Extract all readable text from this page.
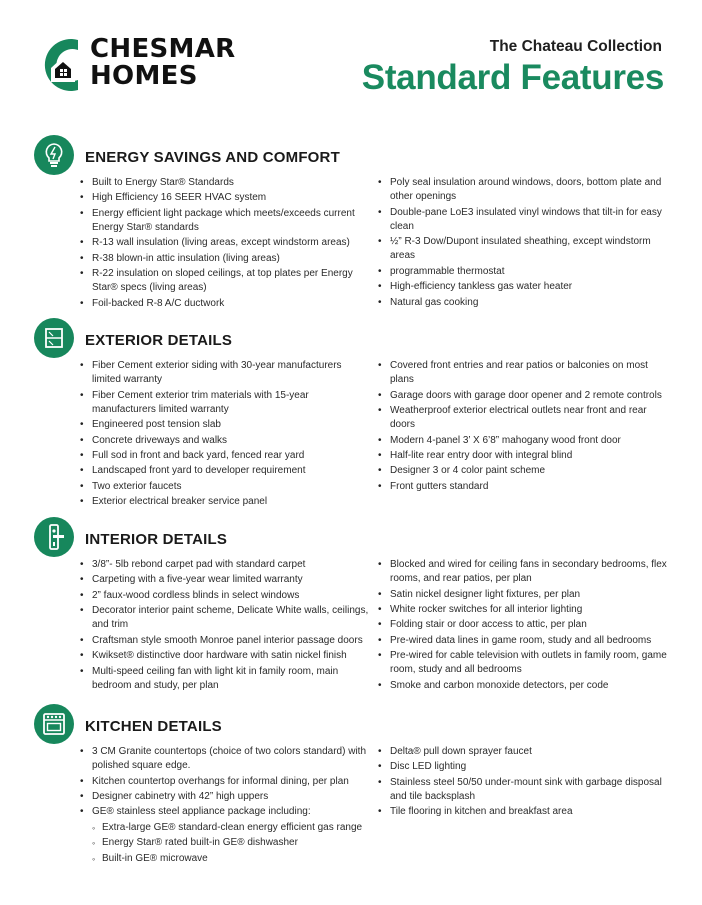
CHESMAR
HOMES
The Chateau Collection
Standard Features
ENERGY SAVINGS AND COMFORT
• Built to Energy Star® Standards
• High Efficiency 16 SEER HVAC system
• Energy efficient light package which meets/exceeds current Energy Star® standards
• R-13 wall insulation (living areas, except windstorm areas)
• R-38 blown-in attic insulation (living areas)
• R-22 insulation on sloped ceilings, at top plates per Energy Star® specs (living areas)
• Foil-backed R-8 A/C ductwork
• Poly seal insulation around windows, doors, bottom plate and other openings
• Double-pane LoE3 insulated vinyl windows that tilt-in for easy clean
• ½” R-3 Dow/Dupont insulated sheathing, except windstorm areas
• programmable thermostat
• High-efficiency tankless gas water heater
• Natural gas cooking
EXTERIOR DETAILS
• Fiber Cement exterior siding with 30-year manufacturers limited warranty
• Fiber Cement exterior trim materials with 15-year manufacturers limited warranty
• Engineered post tension slab
• Concrete driveways and walks
• Full sod in front and back yard, fenced rear yard
• Landscaped front yard to developer requirement
• Two exterior faucets
• Exterior electrical breaker service panel
• Covered front entries and rear patios or balconies on most plans
• Garage doors with garage door opener and 2 remote controls
• Weatherproof exterior electrical outlets near front and rear doors
• Modern 4-panel 3’ X 6’8” mahogany wood front door
• Half-lite rear entry door with integral blind
• Designer 3 or 4 color paint scheme
• Front gutters standard
INTERIOR DETAILS
• 3/8”- 5lb rebond carpet pad with standard carpet
• Carpeting with a five-year wear limited warranty
• 2” faux-wood cordless blinds in select windows
• Decorator interior paint scheme, Delicate White walls, ceilings, and trim
• Craftsman style smooth Monroe panel interior passage doors
• Kwikset® distinctive door hardware with satin nickel finish
• Multi-speed ceiling fan with light kit in family room, main bedroom and study, per plan
• Blocked and wired for ceiling fans in secondary bedrooms, flex rooms, and rear patios, per plan
• Satin nickel designer light fixtures, per plan
• White rocker switches for all interior lighting
• Folding stair or door access to attic, per plan
• Pre-wired data lines in game room, study and all bedrooms
• Pre-wired for cable television with outlets in family room, game room, study and all bedrooms
• Smoke and carbon monoxide detectors, per code
KITCHEN DETAILS
• 3 CM Granite countertops (choice of two colors standard) with polished square edge.
• Kitchen countertop overhangs for informal dining, per plan
• Designer cabinetry with 42” high uppers
• GE® stainless steel appliance package including:
◦ Extra-large GE® standard-clean energy efficient gas range
◦ Energy Star® rated built-in GE® dishwasher
◦ Built-in GE® microwave
• Delta® pull down sprayer faucet
• Disc LED lighting
• Stainless steel 50/50 under-mount sink with garbage disposal and tile backsplash
• Tile flooring in kitchen and breakfast area
